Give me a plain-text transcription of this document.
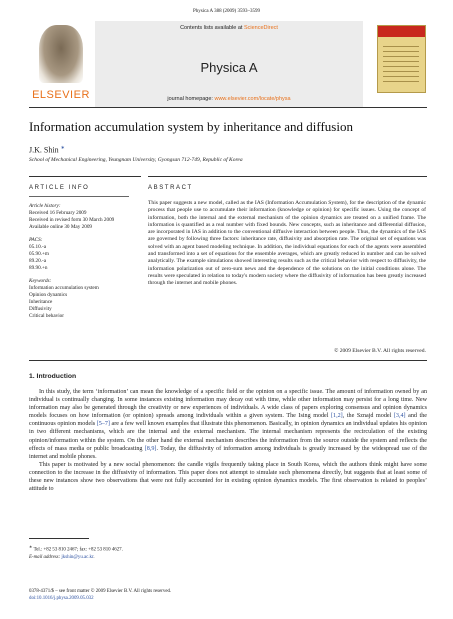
Physica A 388 (2009) 3593–3599
ELSEVIER
Contents lists available at ScienceDirect
Physica A
journal homepage: www.elsevier.com/locate/physa
Information accumulation system by inheritance and diffusion
J.K. Shin ∗
School of Mechanical Engineering, Yeungnam University, Gyongsan 712-749, Republic of Korea
ARTICLE INFO
Article history:
Received 16 February 2009
Received in revised form 30 March 2009
Available online 30 May 2009
PACS:
05.10.-a
05.90.+m
89.20.-a
89.90.+n
Keywords:
Information accumulation system
Opinion dynamics
Inheritance
Diffusivity
Critical behavior
ABSTRACT
This paper suggests a new model, called as the IAS (Information Accumulation System), for the description of the dynamic process that people use to accumulate their information (knowledge or opinion) for specific issues. Using the concept of information, both the internal and the external mechanism of the opinion dynamics are treated on a unified frame. The information is quantified as a real number with fixed bounds. New concepts, such as inheritance and differential diffusion, are incorporated in IAS in addition to the conventional diffusive interaction between people. Thus, the dynamics of the IAS are governed by following three factors: inheritance rate, diffusivity and absorption rate. The original set of equations was solved with an agent based modeling technique. In addition, the individual equations for each of the agents were assembled and transformed into a set of equations for the ensemble averages, which are greatly reduced in number and can be solved analytically. The example simulations showed interesting results such as the critical behavior with respect to diffusivity, the information polarization out of zero-sum news and the dependence of the solutions on the initial conditions alone. The results were speculated in relation to today's modern society where the diffusivity of information has been greatly increased through the internet and mobile phones.
© 2009 Elsevier B.V. All rights reserved.
1. Introduction

In this study, the term ‘information’ can mean the knowledge of a specific field or the opinion on a specific issue. The amount of information owned by an individual is continually changing. In some instances existing information may decay out with time, while other information may persist for a long time. New information may also be generated through the creativity or new experiences of individuals. A wide class of papers exploring consensus and opinion dynamics models focuses on how information (or opinion) spreads among individuals within a given system. The Ising model [1,2], the Sznajd model [3,4] and the continuous opinion models [5–7] are a few well known examples that illustrate this phenomenon. Basically, in opinion dynamics an individual updates his opinion in two different mechanisms, which are the internal and the external mechanism. The internal mechanism represents the recirculation of the existing opinion/information within the system. On the other hand the external mechanism describes the information from the source outside the system and reflects the effects of mass media or public broadcasting [8,9]. Today, the diffusivity of information among individuals is greatly increased by the widespread use of the internet and mobile phones.

This paper is motivated by a new social phenomenon: the candle vigils frequently taking place in South Korea, which the authors think might have some connection to the increase in the diffusivity of information. This paper does not attempt to simulate such phenomena directly, but suggests that at least some of these new instances show two observations that were not fully accounted for in existing opinion dynamics models. The first observation is related to peoples’ attitude to

∗ Tel.: +82 53 810 2467; fax: +82 53 810 4627.
E-mail address: jkshin@yu.ac.kr.
0378-4371/$ – see front matter © 2009 Elsevier B.V. All rights reserved.
doi:10.1016/j.physa.2009.05.032
